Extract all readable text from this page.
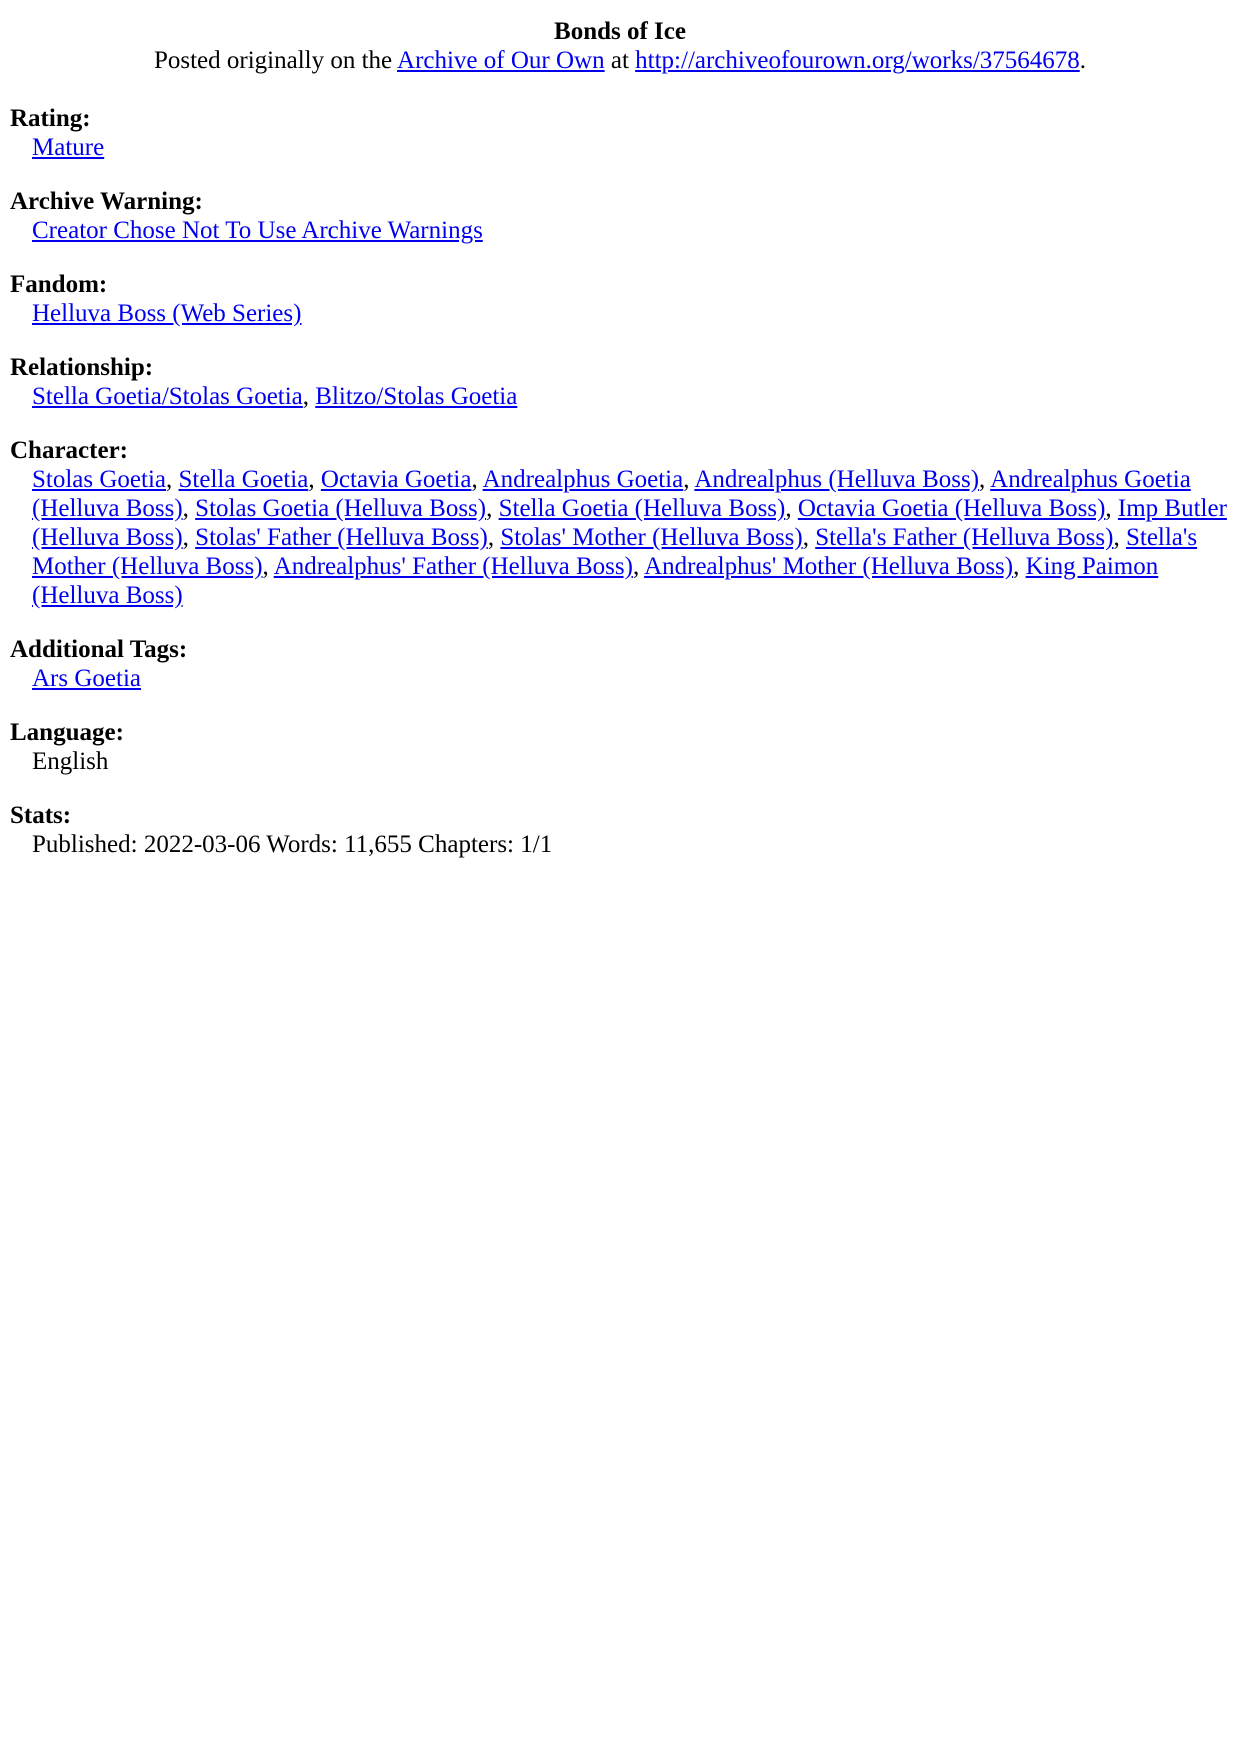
Bonds of Ice
Posted originally on the Archive of Our Own at http://archiveofourown.org/works/37564678.

Rating:
Mature
Archive Warning:
Creator Chose Not To Use Archive Warnings
Fandom:
Helluva Boss (Web Series)
Relationship:
Stella Goetia/Stolas Goetia, Blitzo/Stolas Goetia
Character:
Stolas Goetia, Stella Goetia, Octavia Goetia, Andrealphus Goetia, Andrealphus (Helluva Boss), Andrealphus Goetia (Helluva Boss), Stolas Goetia (Helluva Boss), Stella Goetia (Helluva Boss), Octavia Goetia (Helluva Boss), Imp Butler (Helluva Boss), Stolas' Father (Helluva Boss), Stolas' Mother (Helluva Boss), Stella's Father (Helluva Boss), Stella's Mother (Helluva Boss), Andrealphus' Father (Helluva Boss), Andrealphus' Mother (Helluva Boss), King Paimon (Helluva Boss)
Additional Tags:
Ars Goetia
Language:
English
Stats:
Published: 2022-03-06 Words: 11,655 Chapters: 1/1
